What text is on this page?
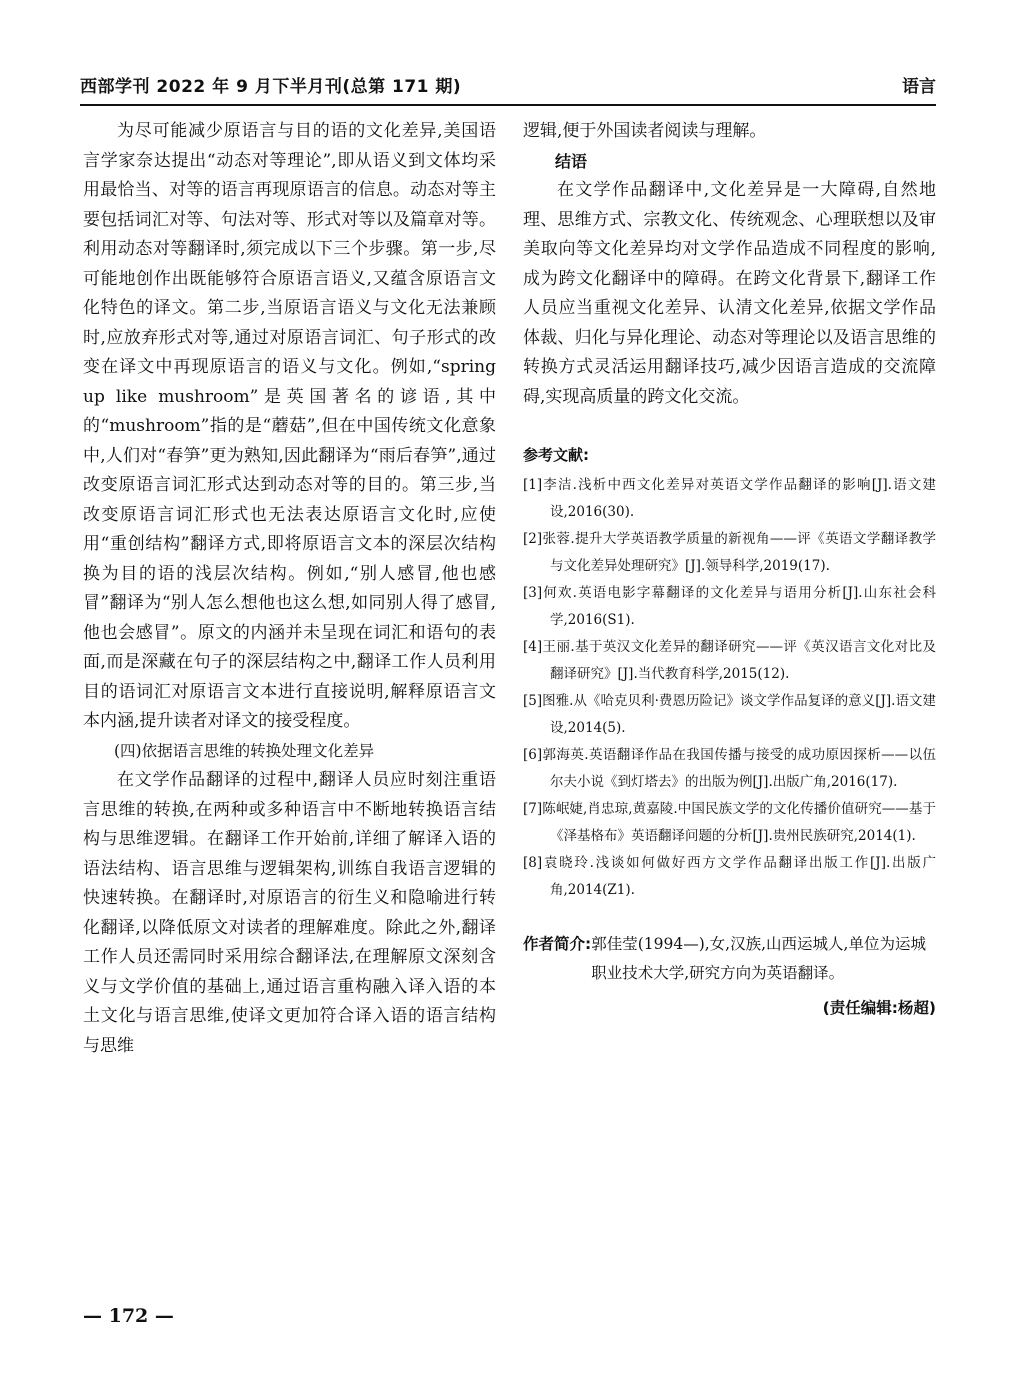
西部学刊 2022 年 9 月下半月刊(总第 171 期)	语言

为尽可能减少原语言与目的语的文化差异,美国语言学家奈达提出“动态对等理论”,即从语义到文体均采用最恰当、对等的语言再现原语言的信息。动态对等主要包括词汇对等、句法对等、形式对等以及篇章对等。利用动态对等翻译时,须完成以下三个步骤。第一步,尽可能地创作出既能够符合原语言语义,又蕴含原语言文化特色的译文。第二步,当原语言语义与文化无法兼顾时,应放弃形式对等,通过对原语言词汇、句子形式的改变在译文中再现原语言的语义与文化。例如,“spring up like mushroom”是英国著名的谚语,其中的“mushroom”指的是“蘑菇”,但在中国传统文化意象中,人们对“春笋”更为熟知,因此翻译为“雨后春笋”,通过改变原语言词汇形式达到动态对等的目的。第三步,当改变原语言词汇形式也无法表达原语言文化时,应使用“重创结构”翻译方式,即将原语言文本的深层次结构换为目的语的浅层次结构。例如,“别人感冒,他也感冒”翻译为“别人怎么想他也这么想,如同别人得了感冒,他也会感冒”。原文的内涵并未呈现在词汇和语句的表面,而是深藏在句子的深层结构之中,翻译工作人员利用目的语词汇对原语言文本进行直接说明,解释原语言文本内涵,提升读者对译文的接受程度。

(四)依据语言思维的转换处理文化差异

在文学作品翻译的过程中,翻译人员应时刻注重语言思维的转换,在两种或多种语言中不断地转换语言结构与思维逻辑。在翻译工作开始前,详细了解译入语的语法结构、语言思维与逻辑架构,训练自我语言逻辑的快速转换。在翻译时,对原语言的衍生义和隐喻进行转化翻译,以降低原文对读者的理解难度。除此之外,翻译工作人员还需同时采用综合翻译法,在理解原文深刻含义与文学价值的基础上,通过语言重构融入译入语的本土文化与语言思维,使译文更加符合译入语的语言结构与思维

逻辑,便于外国读者阅读与理解。

结语

在文学作品翻译中,文化差异是一大障碍,自然地理、思维方式、宗教文化、传统观念、心理联想以及审美取向等文化差异均对文学作品造成不同程度的影响,成为跨文化翻译中的障碍。在跨文化背景下,翻译工作人员应当重视文化差异、认清文化差异,依据文学作品体裁、归化与异化理论、动态对等理论以及语言思维的转换方式灵活运用翻译技巧,减少因语言造成的交流障碍,实现高质量的跨文化交流。

参考文献:

[1]李洁.浅析中西文化差异对英语文学作品翻译的影响[J].语文建设,2016(30).

[2]张蓉.提升大学英语教学质量的新视角——评《英语文学翻译教学与文化差异处理研究》[J].领导科学,2019(17).

[3]何欢.英语电影字幕翻译的文化差异与语用分析[J].山东社会科学,2016(S1).

[4]王丽.基于英汉文化差异的翻译研究——评《英汉语言文化对比及翻译研究》[J].当代教育科学,2015(12).

[5]图雅.从《哈克贝利·费恩历险记》谈文学作品复译的意义[J].语文建设,2014(5).

[6]郭海英.英语翻译作品在我国传播与接受的成功原因探析——以伍尔夫小说《到灯塔去》的出版为例[J].出版广角,2016(17).

[7]陈岷婕,肖忠琼,黄嘉陵.中国民族文学的文化传播价值研究——基于《泽基格布》英语翻译问题的分析[J].贵州民族研究,2014(1).

[8]袁晓玲.浅谈如何做好西方文学作品翻译出版工作[J].出版广角,2014(Z1).

作者简介: 郭佳莹(1994—),女,汉族,山西运城人,单位为运城职业技术大学,研究方向为英语翻译。
(责任编辑:杨超)
— 172 —
